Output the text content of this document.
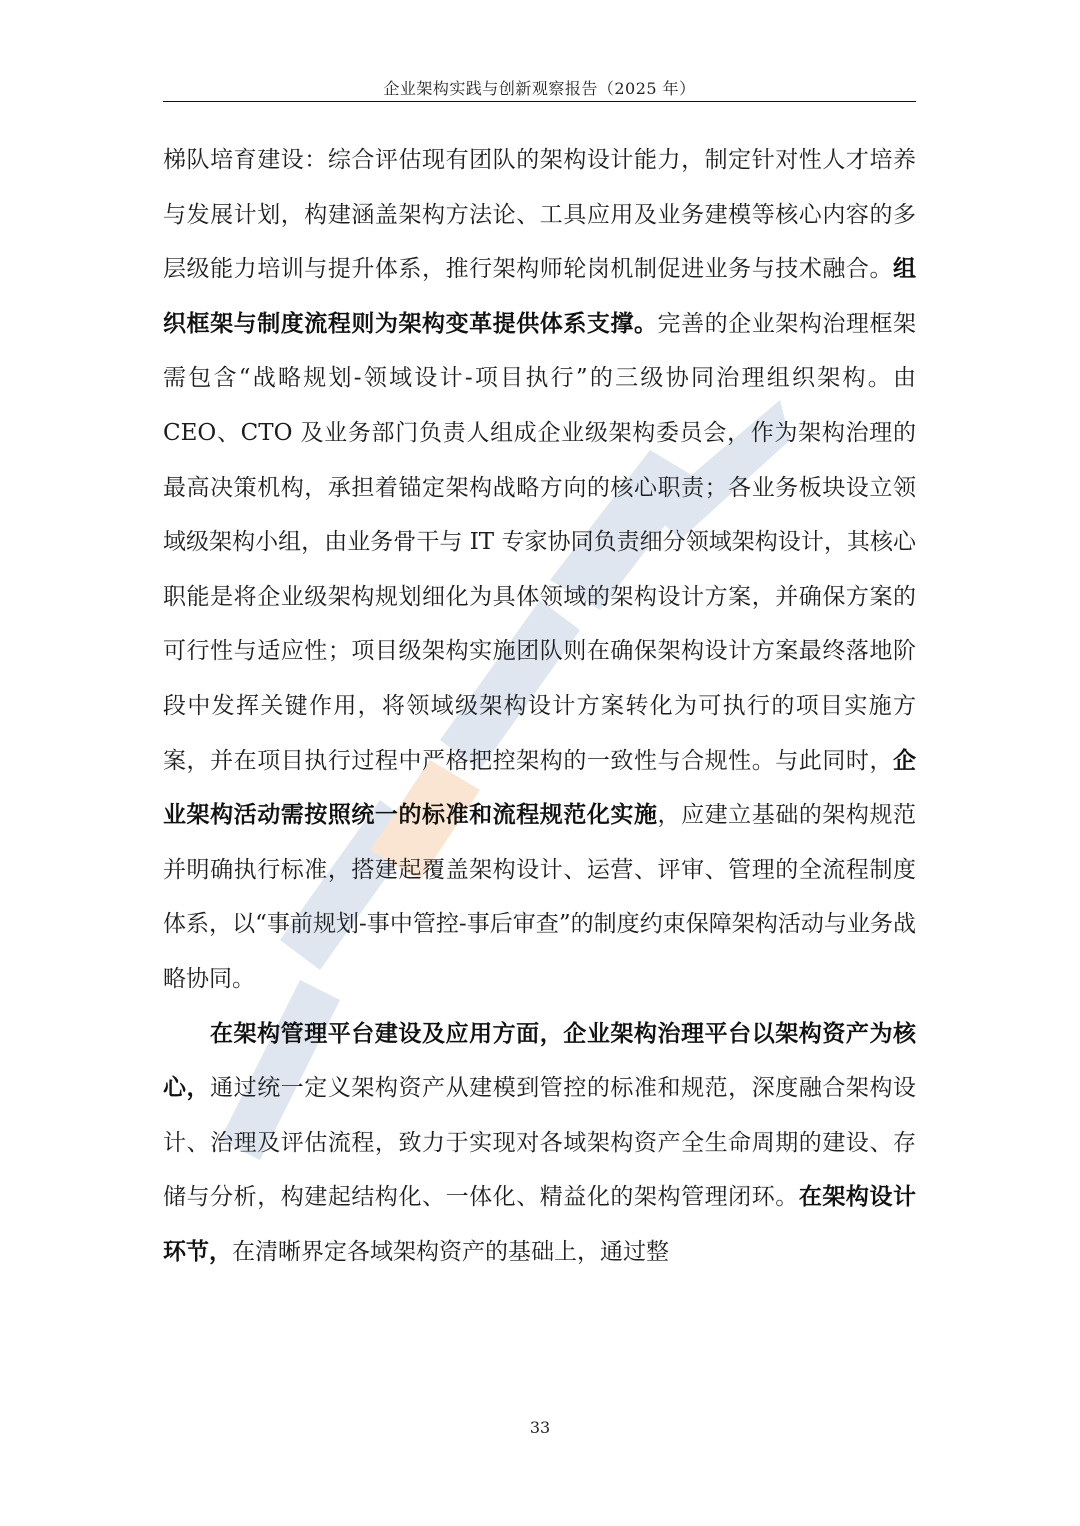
企业架构实践与创新观察报告（2025 年）

梯队培育建设：综合评估现有团队的架构设计能力，制定针对性人才培养与发展计划，构建涵盖架构方法论、工具应用及业务建模等核心内容的多层级能力培训与提升体系，推行架构师轮岗机制促进业务与技术融合。组织框架与制度流程则为架构变革提供体系支撑。完善的企业架构治理框架需包含“战略规划-领域设计-项目执行”的三级协同治理组织架构。由 CEO、CTO 及业务部门负责人组成企业级架构委员会，作为架构治理的最高决策机构，承担着锚定架构战略方向的核心职责；各业务板块设立领域级架构小组，由业务骨干与 IT 专家协同负责细分领域架构设计，其核心职能是将企业级架构规划细化为具体领域的架构设计方案，并确保方案的可行性与适应性；项目级架构实施团队则在确保架构设计方案最终落地阶段中发挥关键作用，将领域级架构设计方案转化为可执行的项目实施方案，并在项目执行过程中严格把控架构的一致性与合规性。与此同时，企业架构活动需按照统一的标准和流程规范化实施，应建立基础的架构规范并明确执行标准，搭建起覆盖架构设计、运营、评审、管理的全流程制度体系，以“事前规划-事中管控-事后审查”的制度约束保障架构活动与业务战略协同。

在架构管理平台建设及应用方面，企业架构治理平台以架构资产为核心，通过统一定义架构资产从建模到管控的标准和规范，深度融合架构设计、治理及评估流程，致力于实现对各域架构资产全生命周期的建设、存储与分析，构建起结构化、一体化、精益化的架构管理闭环。在架构设计环节，在清晰界定各域架构资产的基础上，通过整

33
